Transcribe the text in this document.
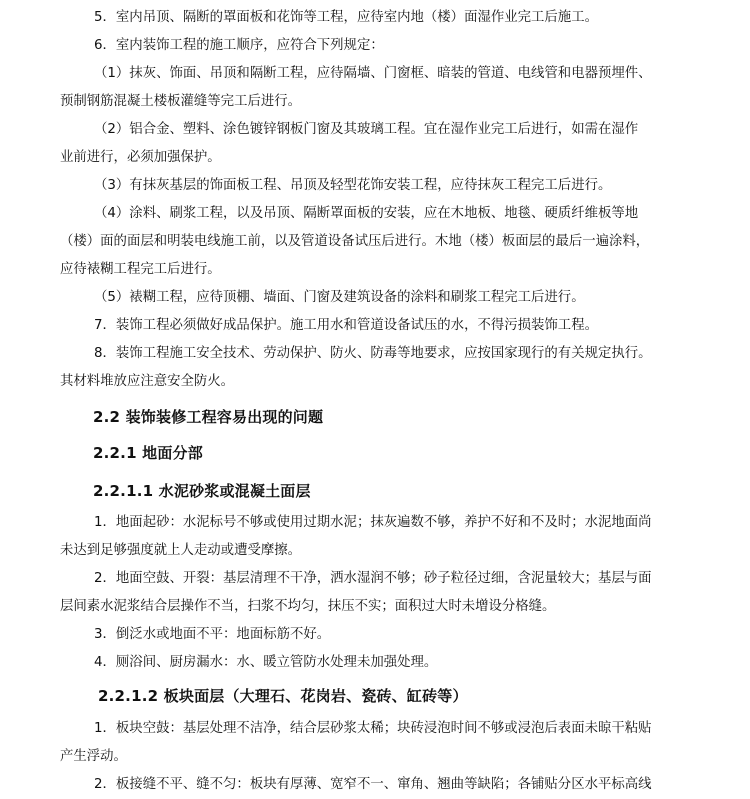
5．室内吊顶、隔断的罩面板和花饰等工程，应待室内地（楼）面湿作业完工后施工。
6．室内装饰工程的施工顺序，应符合下列规定：
（1）抹灰、饰面、吊顶和隔断工程，应待隔墙、门窗框、暗装的管道、电线管和电器预埋件、
预制钢筋混凝土楼板灌缝等完工后进行。
（2）铝合金、塑料、涂色镀锌钢板门窗及其玻璃工程。宜在湿作业完工后进行，如需在湿作
业前进行，必须加强保护。
（3）有抹灰基层的饰面板工程、吊顶及轻型花饰安装工程，应待抹灰工程完工后进行。
（4）涂料、刷浆工程，以及吊顶、隔断罩面板的安装，应在木地板、地毯、硬质纤维板等地
（楼）面的面层和明装电线施工前，以及管道设备试压后进行。木地（楼）板面层的最后一遍涂料，
应待裱糊工程完工后进行。
（5）裱糊工程，应待顶棚、墙面、门窗及建筑设备的涂料和刷浆工程完工后进行。
7．装饰工程必须做好成品保护。施工用水和管道设备试压的水，不得污损装饰工程。
8．装饰工程施工安全技术、劳动保护、防火、防毒等地要求，应按国家现行的有关规定执行。
其材料堆放应注意安全防火。
2.2 装饰装修工程容易出现的问题
2.2.1 地面分部
2.2.1.1 水泥砂浆或混凝土面层
1．地面起砂：水泥标号不够或使用过期水泥；抹灰遍数不够，养护不好和不及时；水泥地面尚
未达到足够强度就上人走动或遭受摩擦。
2．地面空鼓、开裂：基层清理不干净，洒水湿润不够；砂子粒径过细，含泥量较大；基层与面
层间素水泥浆结合层操作不当，扫浆不均匀，抹压不实；面积过大时未增设分格缝。
3．倒泛水或地面不平：地面标筋不好。
4．厕浴间、厨房漏水：水、暖立管防水处理未加强处理。
2.2.1.2 板块面层（大理石、花岗岩、瓷砖、缸砖等）
1．板块空鼓：基层处理不洁净，结合层砂浆太稀；块砖浸泡时间不够或浸泡后表面未晾干粘贴
产生浮动。
2．板接缝不平、缝不匀：板块有厚薄、宽窄不一、窜角、翘曲等缺陷；各铺贴分区水平标高线
